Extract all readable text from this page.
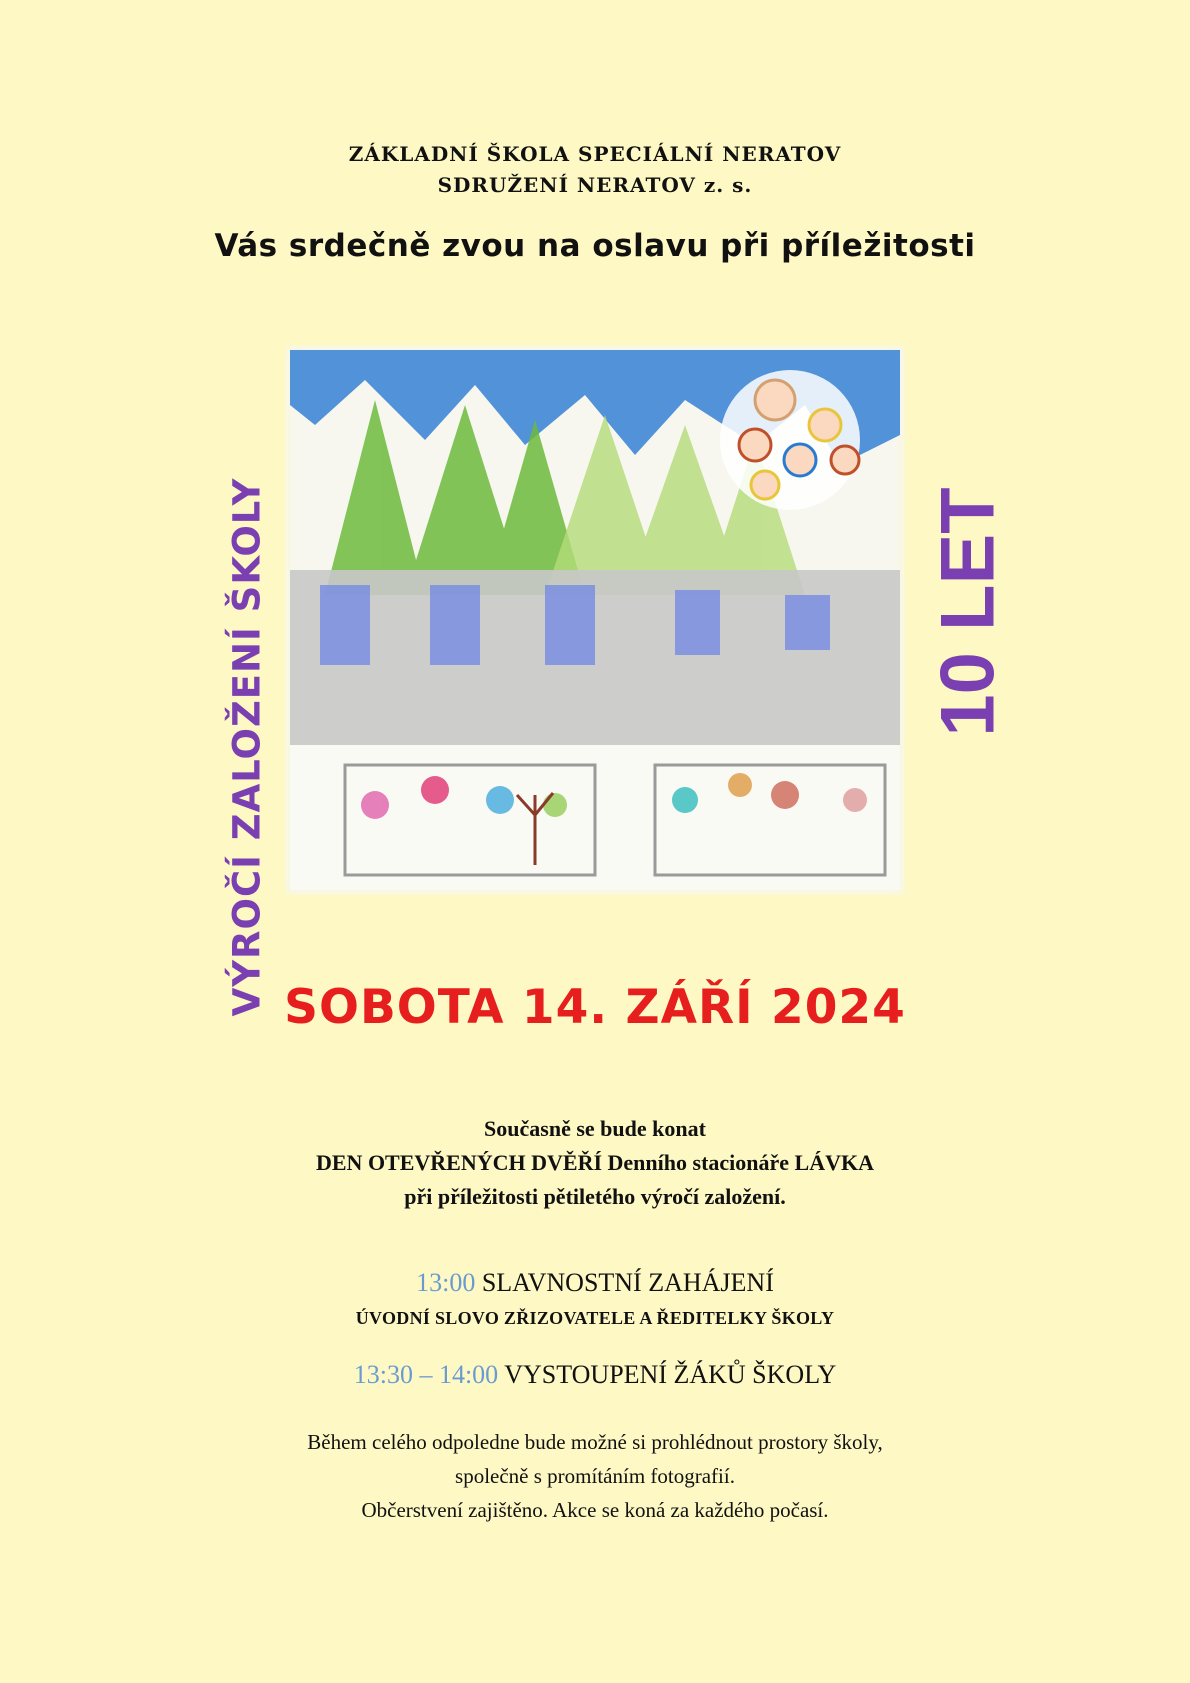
ZÁKLADNÍ ŠKOLA SPECIÁLNÍ NERATOV
SDRUŽENÍ NERATOV z. s.
Vás srdečně zvou na oslavu při příležitosti
VÝROČÍ ZALOŽENÍ ŠKOLY	10 LET
SOBOTA 14. ZÁŘÍ 2024
Současně se bude konat
DEN OTEVŘENÝCH DVĚŘÍ Denního stacionáře LÁVKA
při příležitosti pětiletého výročí založení.
13:00 SLAVNOSTNÍ ZAHÁJENÍ
ÚVODNÍ SLOVO ZŘIZOVATELE A ŘEDITELKY ŠKOLY
13:30 – 14:00 VYSTOUPENÍ ŽÁKŮ ŠKOLY
Během celého odpoledne bude možné si prohlédnout prostory školy,
společně s promítáním fotografií.
Občerstvení zajištěno. Akce se koná za každého počasí.
